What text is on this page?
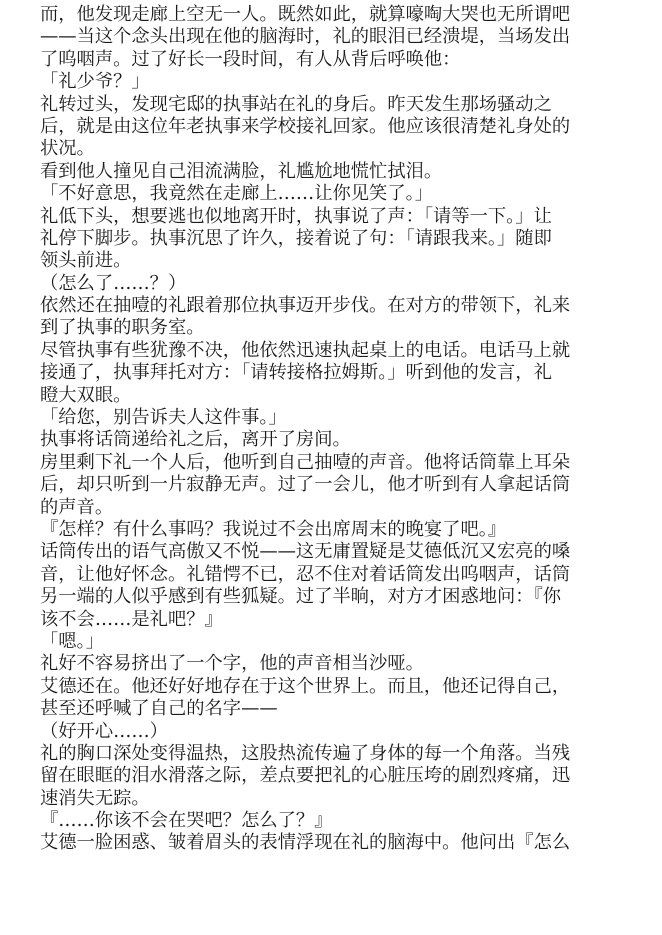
而，他发现走廊上空无一人。既然如此，就算嚎啕大哭也无所谓吧
——当这个念头出现在他的脑海时，礼的眼泪已经溃堤，当场发出
了呜咽声。过了好长一段时间，有人从背后呼唤他：
「礼少爷？」
礼转过头，发现宅邸的执事站在礼的身后。昨天发生那场骚动之
后，就是由这位年老执事来学校接礼回家。他应该很清楚礼身处的
状况。
看到他人撞见自己泪流满脸，礼尴尬地慌忙拭泪。
「不好意思，我竟然在走廊上……让你见笑了。」
礼低下头，想要逃也似地离开时，执事说了声：「请等一下。」让
礼停下脚步。执事沉思了许久，接着说了句：「请跟我来。」随即
领头前进。
（怎么了……？）
依然还在抽噎的礼跟着那位执事迈开步伐。在对方的带领下，礼来
到了执事的职务室。
尽管执事有些犹豫不决，他依然迅速执起桌上的电话。电话马上就
接通了，执事拜托对方：「请转接格拉姆斯。」听到他的发言，礼
瞪大双眼。
「给您，别告诉夫人这件事。」
执事将话筒递给礼之后，离开了房间。
房里剩下礼一个人后，他听到自己抽噎的声音。他将话筒靠上耳朵
后，却只听到一片寂静无声。过了一会儿，他才听到有人拿起话筒
的声音。
『怎样？有什么事吗？我说过不会出席周末的晚宴了吧。』
话筒传出的语气高傲又不悦——这无庸置疑是艾德低沉又宏亮的嗓
音，让他好怀念。礼错愕不已，忍不住对着话筒发出呜咽声，话筒
另一端的人似乎感到有些狐疑。过了半晌，对方才困惑地问：『你
该不会……是礼吧？』
「嗯。」
礼好不容易挤出了一个字，他的声音相当沙哑。
艾德还在。他还好好地存在于这个世界上。而且，他还记得自己，
甚至还呼喊了自己的名字——
（好开心……）
礼的胸口深处变得温热，这股热流传遍了身体的每一个角落。当残
留在眼眶的泪水滑落之际，差点要把礼的心脏压垮的剧烈疼痛，迅
速消失无踪。
『……你该不会在哭吧？怎么了？』
艾德一脸困惑、皱着眉头的表情浮现在礼的脑海中。他问出『怎么
